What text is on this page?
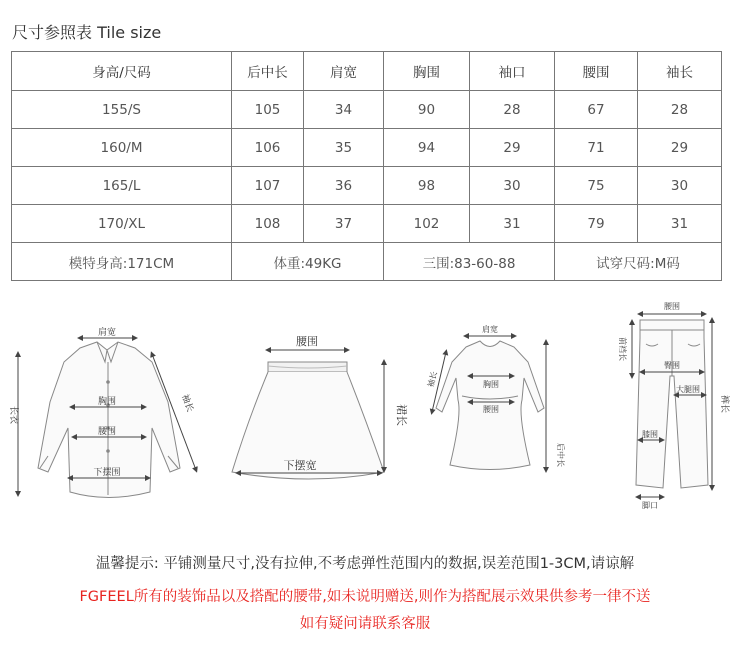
尺寸参照表 Tile size
身高/尺码	后中长	肩宽	胸围	袖口	腰围	袖长
155/S	105	34	90	28	67	28
160/M	106	35	94	29	71	29
165/L	107	36	98	30	75	30
170/XL	108	37	102	31	79	31
模特身高:171CM	体重:49KG		三围:83-60-88		试穿尺码:M码	
肩宽
胸围
腰围
下摆围
长衣
袖长
腰围
下摆宽
裙长
肩宽
胸围
腰围
袖长
后中长
腰围
前裆长
臀围
大腿围
膝围
脚口
裤长
温馨提示: 平铺测量尺寸,没有拉伸,不考虑弹性范围内的数据,误差范围1-3CM,请谅解
FGFEEL所有的装饰品以及搭配的腰带,如未说明赠送,则作为搭配展示效果供参考一律不送
如有疑问请联系客服
